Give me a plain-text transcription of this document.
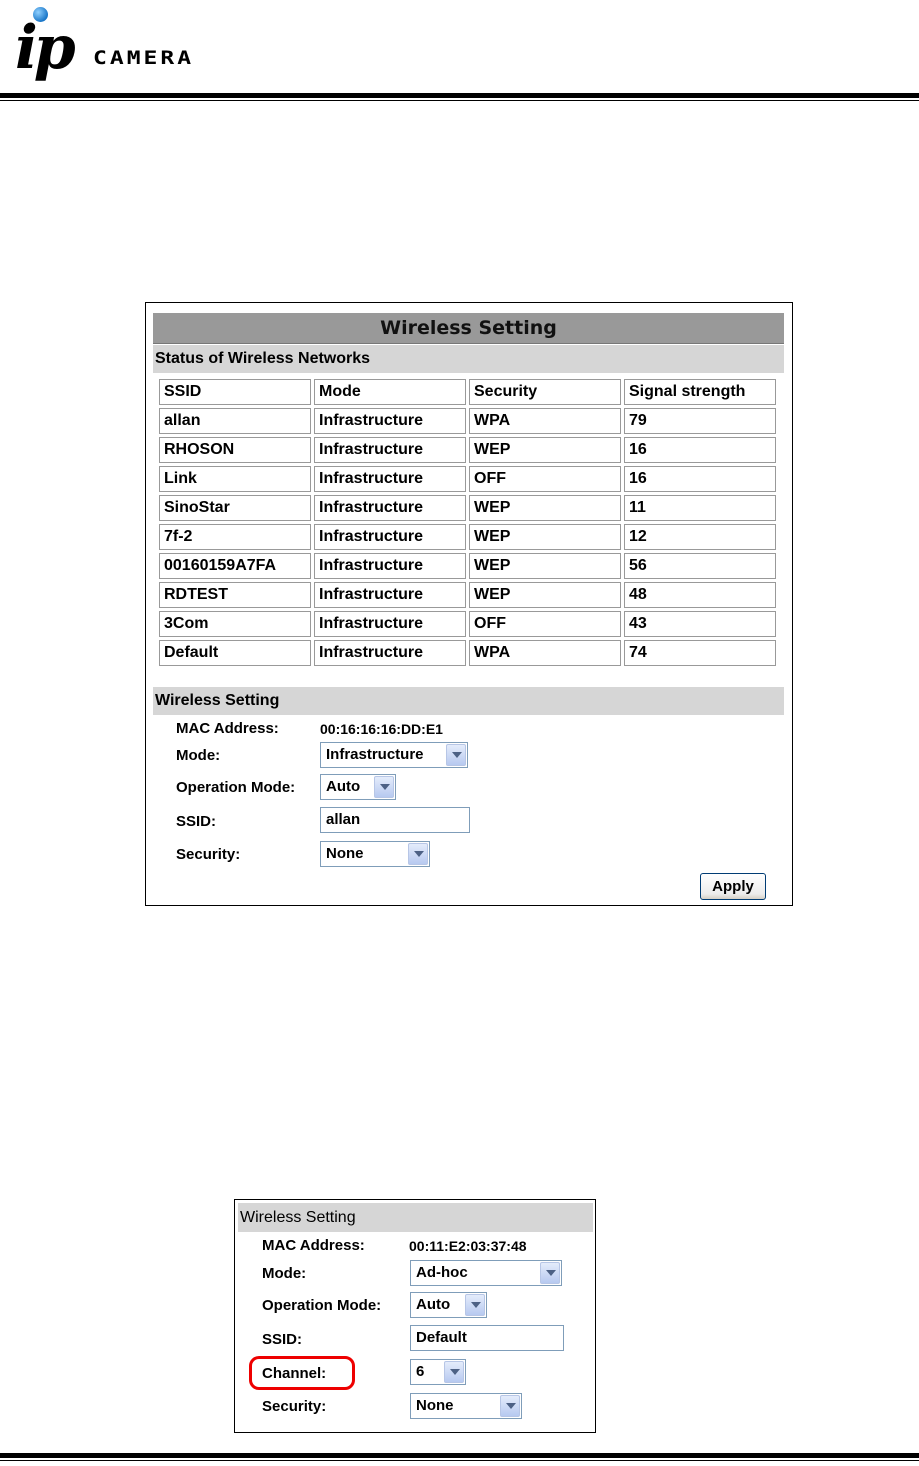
ip CAMERA
Wireless Setting
Status of Wireless Networks
SSID	Mode	Security	Signal strength
allan	Infrastructure	WPA	79
RHOSON	Infrastructure	WEP	16
Link	Infrastructure	OFF	16
SinoStar	Infrastructure	WEP	11
7f-2	Infrastructure	WEP	12
00160159A7FA	Infrastructure	WEP	56
RDTEST	Infrastructure	WEP	48
3Com	Infrastructure	OFF	43
Default	Infrastructure	WPA	74
Wireless Setting
MAC Address:	00:16:16:16:DD:E1
Mode:	Infrastructure
Operation Mode:	Auto
SSID:	allan
Security:	None
Apply
Wireless Setting
MAC Address:	00:11:E2:03:37:48
Mode:	Ad-hoc
Operation Mode:	Auto
SSID:	Default
Channel:	6
Security:	None
